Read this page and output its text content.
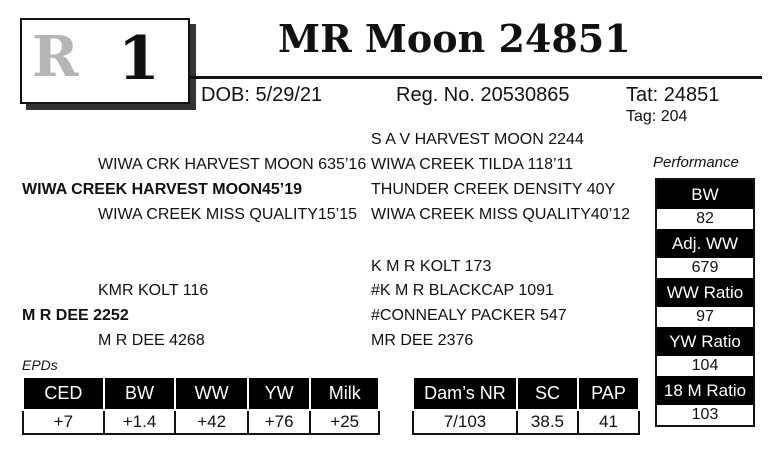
R 1	MR Moon 24851
DOB: 5/29/21	Reg. No. 20530865	Tat: 24851
Tag: 204
S A V HARVEST MOON 2244
WIWA CRK HARVEST MOON 635’16 WIWA CREEK TILDA 118’11
WIWA CREEK HARVEST MOON45’19	THUNDER CREEK DENSITY 40Y
WIWA CREEK MISS QUALITY15’15 WIWA CREEK MISS QUALITY40’12
K M R KOLT 173
KMR KOLT 116	#K M R BLACKCAP 1091
M R DEE 2252	#CONNEALY PACKER 547
M R DEE 4268	MR DEE 2376
Performance
BW
82
Adj. WW
679
WW Ratio
97
YW Ratio
104
18 M Ratio
103
EPDs
CED	BW	WW	YW	Milk
+7	+1.4	+42	+76	+25
Dam’s NR	SC	PAP
7/103	38.5	41
